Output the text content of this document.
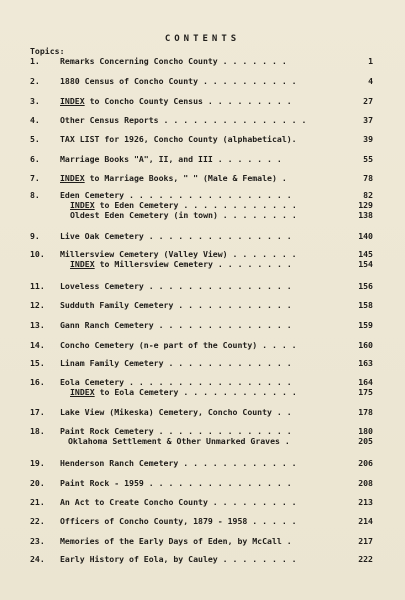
CONTENTS
Topics:
1.	Remarks Concerning Concho County . . . . . . .	1
2.	1880 Census of Concho County . . . . . . . . . .	4
3.	INDEX to Concho County Census . . . . . . . . .	27
4.	Other Census Reports . . . . . . . . . . . . . . .	37
5.	TAX LIST for 1926, Concho County (alphabetical).	39
6.	Marriage Books "A", II, and III . . . . . . .	55
7.	INDEX to Marriage Books, " " (Male & Female) .	78
8.	Eden Cemetery . . . . . . . . . . . . . . . . .	82
INDEX to Eden Cemetery . . . . . . . . . . . .	129
Oldest Eden Cemetery (in town) . . . . . . . .	138
9.	Live Oak Cemetery . . . . . . . . . . . . . . .	140
10.	Millersview Cemetery (Valley View) . . . . . . .	145
INDEX to Millersview Cemetery . . . . . . . .	154
11.	Loveless Cemetery . . . . . . . . . . . . . . .	156
12.	Sudduth Family Cemetery . . . . . . . . . . . .	158
13.	Gann Ranch Cemetery . . . . . . . . . . . . . .	159
14.	Concho Cemetery (n-e part of the County) . . . .	160
15.	Linam Family Cemetery . . . . . . . . . . . . .	163
16.	Eola Cemetery . . . . . . . . . . . . . . . . .	164
INDEX to Eola Cemetery . . . . . . . . . . . .	175
17.	Lake View (Mikeska) Cemetery, Concho County . .	178
18.	Paint Rock Cemetery . . . . . . . . . . . . . .	180
Oklahoma Settlement & Other Unmarked Graves .	205
19.	Henderson Ranch Cemetery . . . . . . . . . . . .	206
20.	Paint Rock - 1959 . . . . . . . . . . . . . . .	208
21.	An Act to Create Concho County . . . . . . . . .	213
22.	Officers of Concho County, 1879 - 1958 . . . . .	214
23.	Memories of the Early Days of Eden, by McCall .	217
24.	Early History of Eola, by Cauley . . . . . . . .	222
